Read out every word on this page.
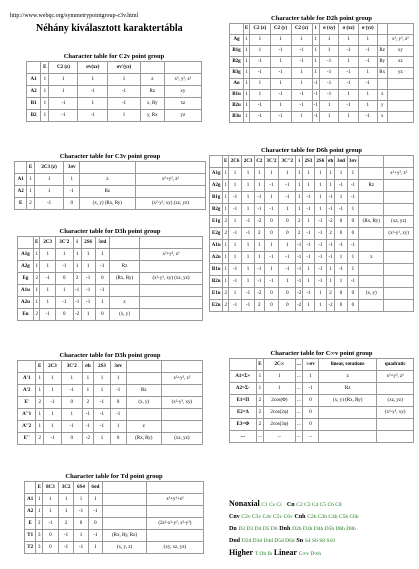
http://www.webqc.org/symmetrypointgroup-c3v.html
Néhány kiválasztott karaktertábla
Character table for C2v point group
	E	C2 (z)	σv(xz)	σv'(yz)		
A1	1	1	1	1	z	x², y², z²
A2	1	1	-1	-1	Rz	xy
B1	1	-1	1	-1	x, Ry	xz
B2	1	-1	-1	1	y, Rx	yz
Character table for D2h point group
	E	C2 (z)	C2 (y)	C2 (x)	i	σ (xy)	σ (xz)	σ (yz)		
Ag	1	1	1	1	1	1	1	1		x², y², z²
B1g	1	1	-1	-1	1	1	-1	-1	Rz	xy
B2g	1	-1	1	-1	1	-1	1	-1	Ry	xz
B3g	1	-1	-1	1	1	-1	-1	1	Rx	yz
Au	1	1	1	1	-1	-1	-1	-1		
B1u	1	1	-1	-1	-1	-1	1	1	z	
B2u	1	-1	1	-1	-1	1	-1	1	y	
B3u	1	-1	-1	1	-1	1	1	-1	x	
Character table for C3v point group
	E	2C3 (z)	3σv		
A1	1	1	1	z	x²+y², z²
A2	1	1	-1	Rz	
E	2	-1	0	(x, y) (Rx, Ry)	(x²-y², xy) (xz, yz)
Character table for D6h point group
	E	2C6	2C3	C2	3C'2	3C''2	i	2S3	2S6	σh	3σd	3σv		
A1g	1	1	1	1	1	1	1	1	1	1	1	1		x²+y², z²
A2g	1	1	1	1	-1	-1	1	1	1	1	-1	-1	Rz	
B1g	1	-1	1	-1	1	-1	1	-1	1	-1	1	-1		
B2g	1	-1	1	-1	-1	1	1	-1	1	-1	-1	1		
E1g	2	1	-1	-2	0	0	2	1	-1	-2	0	0	(Rx, Ry)	(xz, yz)
E2g	2	-1	-1	2	0	0	2	-1	-1	2	0	0		(x²-y², xy)
A1u	1	1	1	1	1	1	-1	-1	-1	-1	-1	-1		
A2u	1	1	1	1	-1	-1	-1	-1	-1	-1	1	1	z	
B1u	1	-1	1	-1	1	-1	-1	1	-1	1	-1	1		
B2u	1	-1	1	-1	-1	1	-1	1	-1	1	1	-1		
E1u	2	1	-1	-2	0	0	-2	-1	1	2	0	0	(x, y)	
E2u	2	-1	-1	2	0	0	-2	1	1	-2	0	0		
Character table for D3h point group
	E	2C3	3C'2	i	2S6	3σd		
A1g	1	1	1	1	1	1		x²+y², z²
A2g	1	1	-1	1	1	-1	Rz	
Eg	2	-1	0	2	-1	0	(Rx, Ry)	(x²-y², xy) (xz, yz)
A1u	1	1	1	-1	-1	-1		
A2u	1	1	-1	-1	-1	1	z	
Eu	2	-1	0	-2	1	0	(x, y)	
Character table for D3h point group
	E	2C3	3C'2	σh	2S3	3σv		
A'1	1	1	1	1	1	1		x²+y², z²
A'2	1	1	-1	1	1	-1	Rz	
E'	2	-1	0	2	-1	0	(x, y)	(x²-y², xy)
A''1	1	1	1	-1	-1	-1		
A''2	1	1	-1	-1	-1	1	z	
E''	2	-1	0	-2	1	0	(Rx, Ry)	(xz, yz)
Character table for C∞v point group
	E	2C∞	...	∞σv	linear, rotations	quadratic
A1=Σ+	1	1	...	1	z	x²+y², z²
A2=Σ-	1	1	...	-1	Rz	
E1=Π	2	2cos(Φ)	...	0	(x, y) (Rx, Ry)	(xz, yz)
E2=Δ	2	2cos(2φ)	...	0		(x²-y², xy)
E3=Φ	2	2cos(3φ)	...	0		
...	...	...	...	...		
Character table for Td point group
	E	8C3	3C2	6S4	6σd		
A1	1	1	1	1	1		x²+y²+z²
A2	1	1	1	-1	-1		
E	2	-1	2	0	0		(2z²-x²-y², x²-y²)
T1	3	0	-1	1	-1	(Rx, Ry, Rz)	
T2	3	0	-1	-1	1	(x, y, z)	(xy, xz, yz)
Nonaxial C1 Cs Ci Cn C2 C3 C4 C5 C6 C8
Cnv C2v C3v C4v C5v C6v Cnh C2h C3h C4h C5h C6h
Dn D2 D3 D4 D5 D6 Dnh D2h D3h D4h D5h D6h D8h
Dnd D2d D3d D4d D5d D6d Sn S4 S6 S8 S10
Higher T Oh Ih Linear C∞v D∞h
